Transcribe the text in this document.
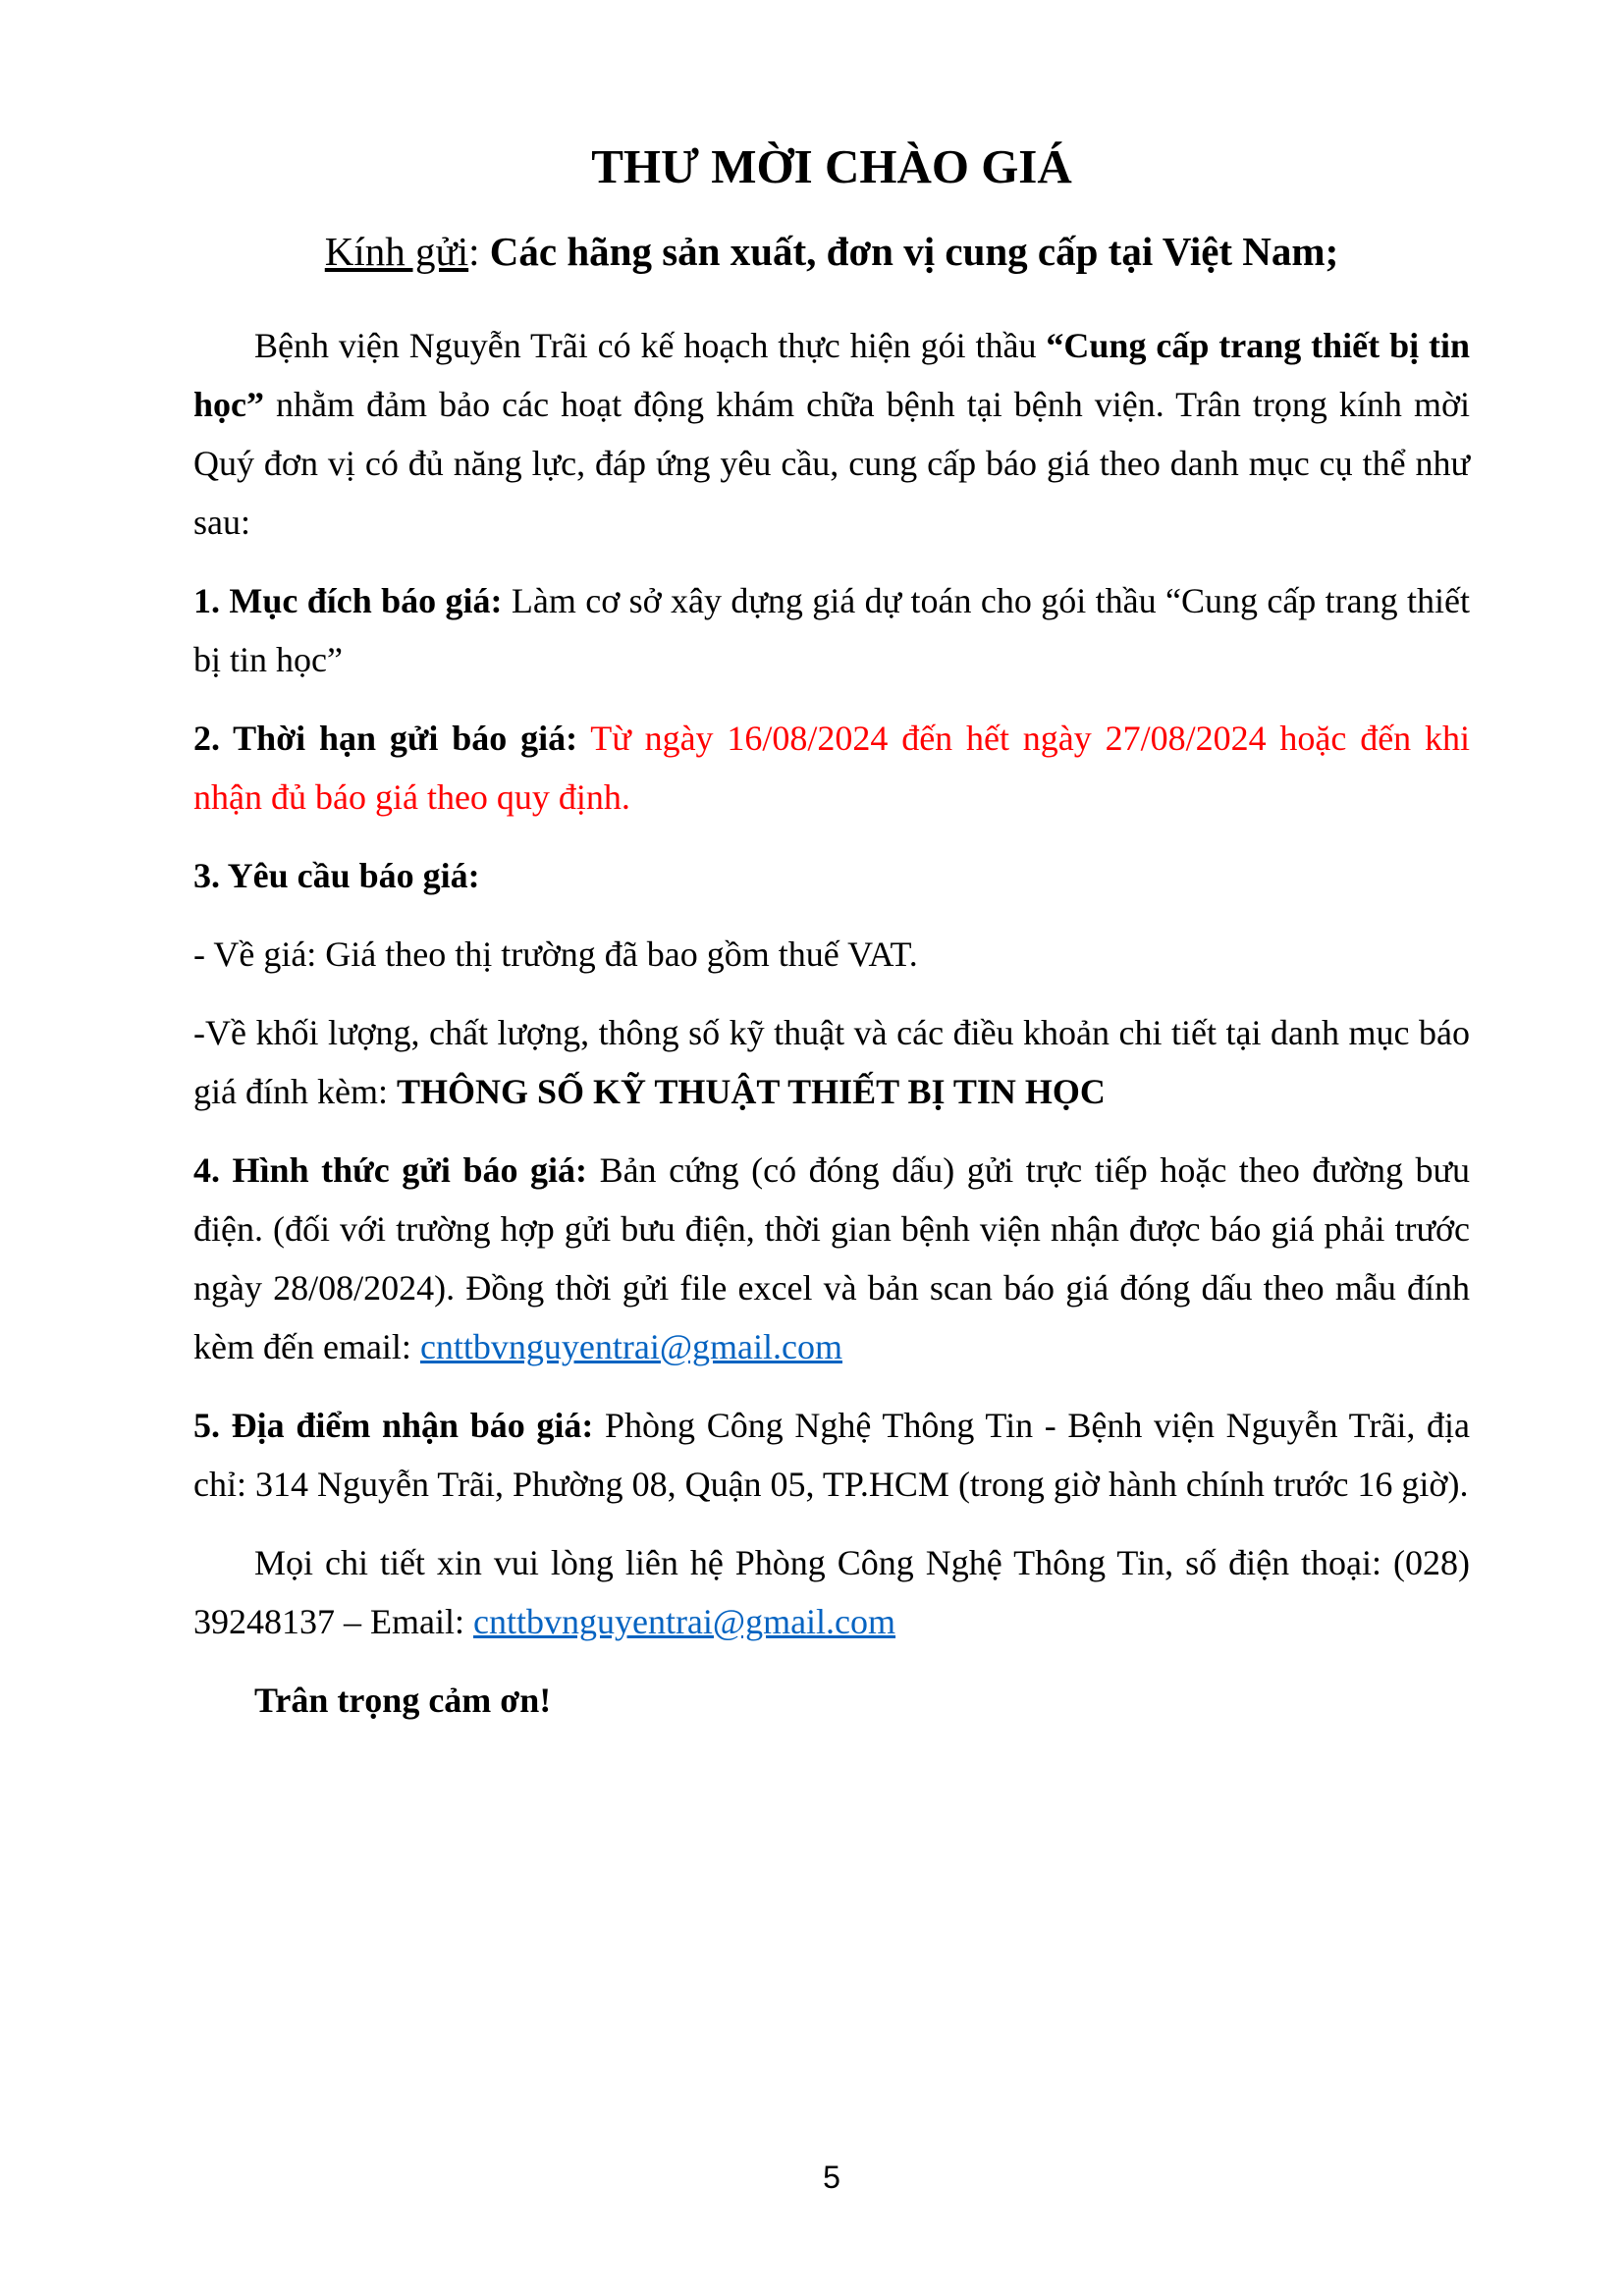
THƯ MỜI CHÀO GIÁ

Kính gửi: Các hãng sản xuất, đơn vị cung cấp tại Việt Nam;

Bệnh viện Nguyễn Trãi có kế hoạch thực hiện gói thầu “Cung cấp trang thiết bị tin học” nhằm đảm bảo các hoạt động khám chữa bệnh tại bệnh viện. Trân trọng kính mời Quý đơn vị có đủ năng lực, đáp ứng yêu cầu, cung cấp báo giá theo danh mục cụ thể như sau:

1. Mục đích báo giá: Làm cơ sở xây dựng giá dự toán cho gói thầu “Cung cấp trang thiết bị tin học”

2. Thời hạn gửi báo giá: Từ ngày 16/08/2024 đến hết ngày 27/08/2024 hoặc đến khi nhận đủ báo giá theo quy định.

3. Yêu cầu báo giá:

- Về giá: Giá theo thị trường đã bao gồm thuế VAT.

-Về khối lượng, chất lượng, thông số kỹ thuật và các điều khoản chi tiết tại danh mục báo giá đính kèm: THÔNG SỐ KỸ THUẬT THIẾT BỊ TIN HỌC

4. Hình thức gửi báo giá: Bản cứng (có đóng dấu) gửi trực tiếp hoặc theo đường bưu điện. (đối với trường hợp gửi bưu điện, thời gian bệnh viện nhận được báo giá phải trước ngày 28/08/2024). Đồng thời gửi file excel và bản scan báo giá đóng dấu theo mẫu đính kèm đến email: cnttbvnguyentrai@gmail.com

5. Địa điểm nhận báo giá: Phòng Công Nghệ Thông Tin - Bệnh viện Nguyễn Trãi, địa chỉ: 314 Nguyễn Trãi, Phường 08, Quận 05, TP.HCM (trong giờ hành chính trước 16 giờ).

Mọi chi tiết xin vui lòng liên hệ Phòng Công Nghệ Thông Tin, số điện thoại: (028) 39248137 – Email: cnttbvnguyentrai@gmail.com

Trân trọng cảm ơn!

5
